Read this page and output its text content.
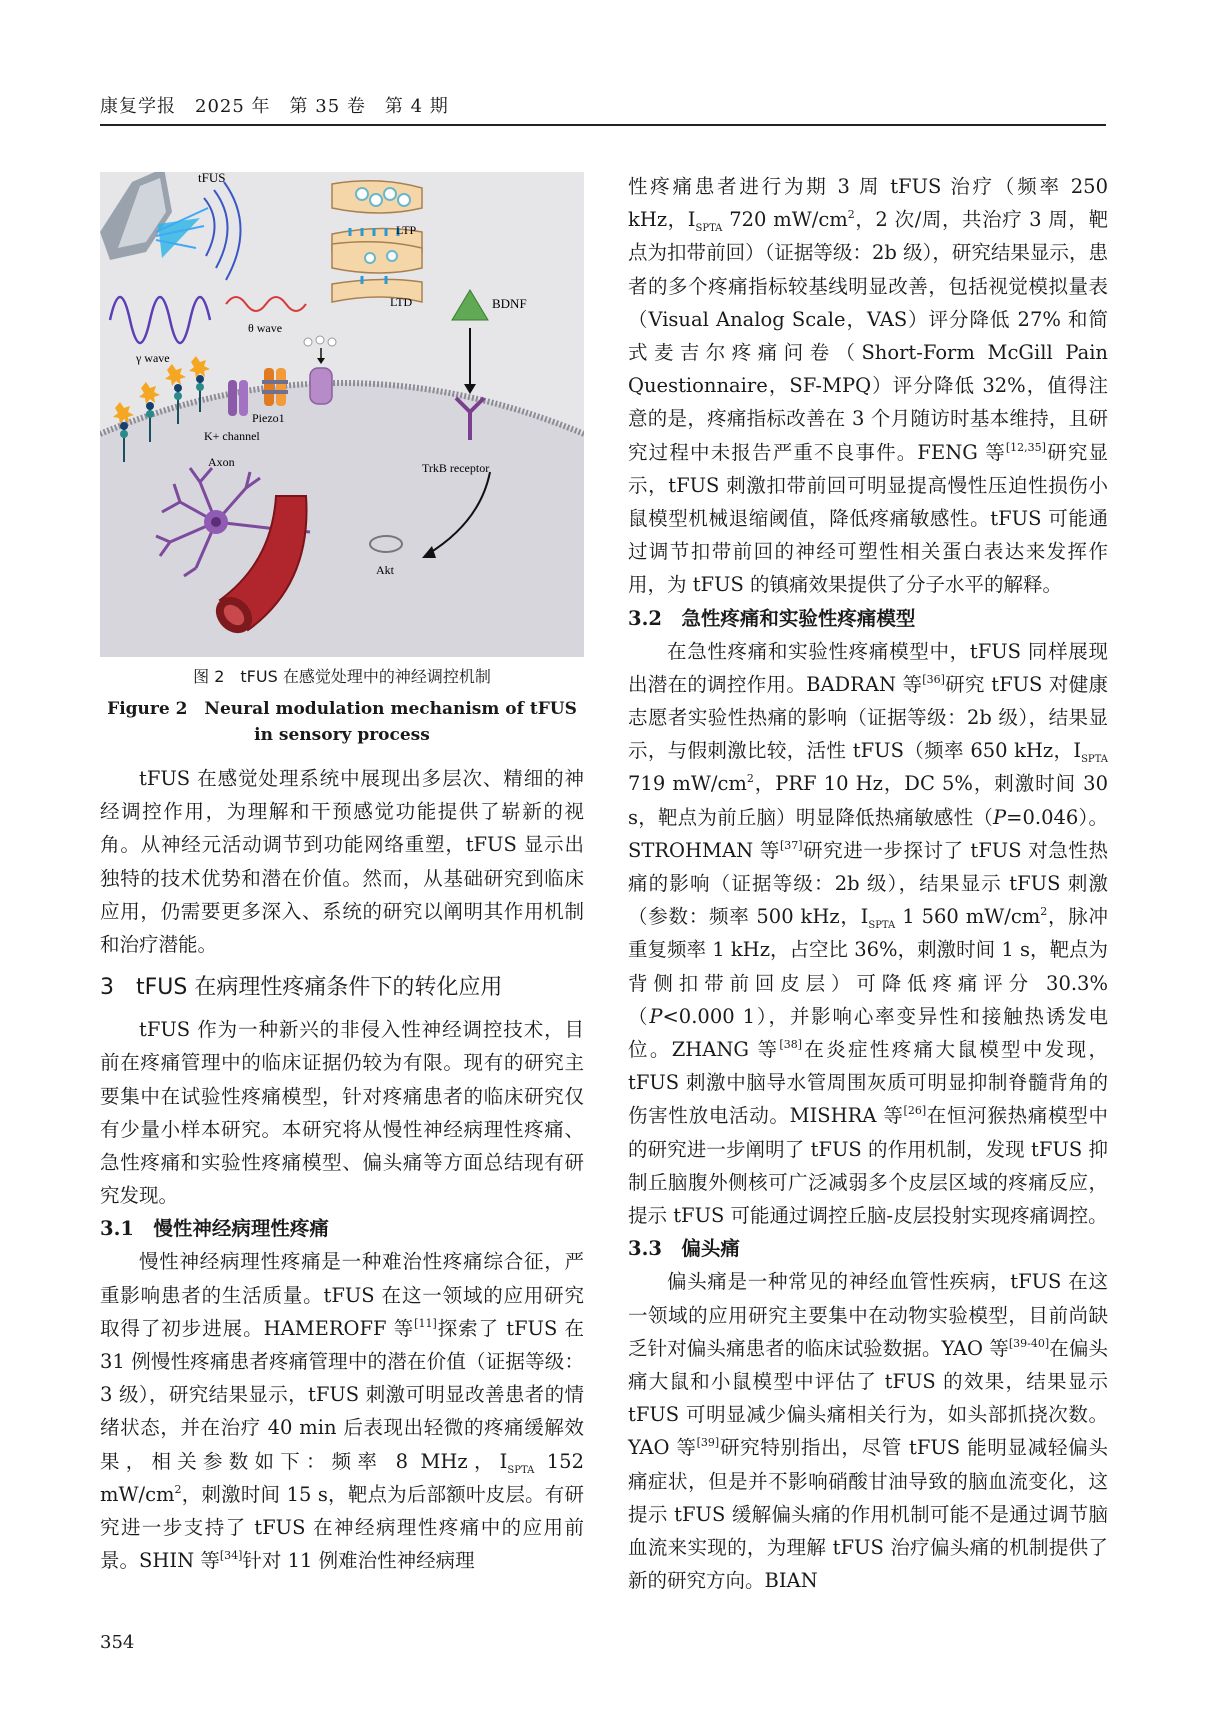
康复学报　2025 年　第 35 卷　第 4 期
tFUS
LTP
LTD	BDNF
θ wave
γ wave
K+ channel
Piezo1
TrkB receptor
Akt
Axon
图 2　tFUS 在感觉处理中的神经调控机制
Figure 2　Neural modulation mechanism of tFUS
in sensory process

tFUS 在感觉处理系统中展现出多层次、精细的神经调控作用，为理解和干预感觉功能提供了崭新的视角。从神经元活动调节到功能网络重塑，tFUS 显示出独特的技术优势和潜在价值。然而，从基础研究到临床应用，仍需要更多深入、系统的研究以阐明其作用机制和治疗潜能。

3　tFUS 在病理性疼痛条件下的转化应用

tFUS 作为一种新兴的非侵入性神经调控技术，目前在疼痛管理中的临床证据仍较为有限。现有的研究主要集中在试验性疼痛模型，针对疼痛患者的临床研究仅有少量小样本研究。本研究将从慢性神经病理性疼痛、急性疼痛和实验性疼痛模型、偏头痛等方面总结现有研究发现。

3.1　慢性神经病理性疼痛

慢性神经病理性疼痛是一种难治性疼痛综合征，严重影响患者的生活质量。tFUS 在这一领域的应用研究取得了初步进展。HAMEROFF 等[11]探索了 tFUS 在 31 例慢性疼痛患者疼痛管理中的潜在价值（证据等级：3 级），研究结果显示，tFUS 刺激可明显改善患者的情绪状态，并在治疗 40 min 后表现出轻微的疼痛缓解效果，相关参数如下：频率 8 MHz，$I_{SPTA}$ 152 $mW/cm^2$，刺激时间 15 s，靶点为后部额叶皮层。有研究进一步支持了 tFUS 在神经病理性疼痛中的应用前景。SHIN 等[34]针对 11 例难治性神经病理

性疼痛患者进行为期 3 周 tFUS 治疗（频率 250 kHz，$I_{SPTA}$ 720 $mW/cm^2$，2 次/周，共治疗 3 周，靶点为扣带前回）（证据等级：2b 级），研究结果显示，患者的多个疼痛指标较基线明显改善，包括视觉模拟量表（Visual Analog Scale，VAS）评分降低 27% 和简式麦吉尔疼痛问卷（Short-Form McGill Pain Questionnaire，SF-MPQ）评分降低 32%，值得注意的是，疼痛指标改善在 3 个月随访时基本维持，且研究过程中未报告严重不良事件。FENG 等[12,35]研究显示，tFUS 刺激扣带前回可明显提高慢性压迫性损伤小鼠模型机械退缩阈值，降低疼痛敏感性。tFUS 可能通过调节扣带前回的神经可塑性相关蛋白表达来发挥作用，为 tFUS 的镇痛效果提供了分子水平的解释。

3.2　急性疼痛和实验性疼痛模型

在急性疼痛和实验性疼痛模型中，tFUS 同样展现出潜在的调控作用。BADRAN 等[36]研究 tFUS 对健康志愿者实验性热痛的影响（证据等级：2b 级），结果显示，与假刺激比较，活性 tFUS（频率 650 kHz，$I_{SPTA}$ 719 $mW/cm^2$，PRF 10 Hz，DC 5%，刺激时间 30 s，靶点为前丘脑）明显降低热痛敏感性（P=0.046）。STROHMAN 等[37]研究进一步探讨了 tFUS 对急性热痛的影响（证据等级：2b 级），结果显示 tFUS 刺激（参数：频率 500 kHz，$I_{SPTA}$ 1 560 $mW/cm^2$，脉冲重复频率 1 kHz，占空比 36%，刺激时间 1 s，靶点为背侧扣带前回皮层）可降低疼痛评分 30.3%（P<0.000 1），并影响心率变异性和接触热诱发电位。ZHANG 等[38]在炎症性疼痛大鼠模型中发现，tFUS 刺激中脑导水管周围灰质可明显抑制脊髓背角的伤害性放电活动。MISHRA 等[26]在恒河猴热痛模型中的研究进一步阐明了 tFUS 的作用机制，发现 tFUS 抑制丘脑腹外侧核可广泛减弱多个皮层区域的疼痛反应，提示 tFUS 可能通过调控丘脑-皮层投射实现疼痛调控。

3.3　偏头痛

偏头痛是一种常见的神经血管性疾病，tFUS 在这一领域的应用研究主要集中在动物实验模型，目前尚缺乏针对偏头痛患者的临床试验数据。YAO 等[39-40]在偏头痛大鼠和小鼠模型中评估了 tFUS 的效果，结果显示 tFUS 可明显减少偏头痛相关行为，如头部抓挠次数。YAO 等[39]研究特别指出，尽管 tFUS 能明显减轻偏头痛症状，但是并不影响硝酸甘油导致的脑血流变化，这提示 tFUS 缓解偏头痛的作用机制可能不是通过调节脑血流来实现的，为理解 tFUS 治疗偏头痛的机制提供了新的研究方向。BIAN

354
